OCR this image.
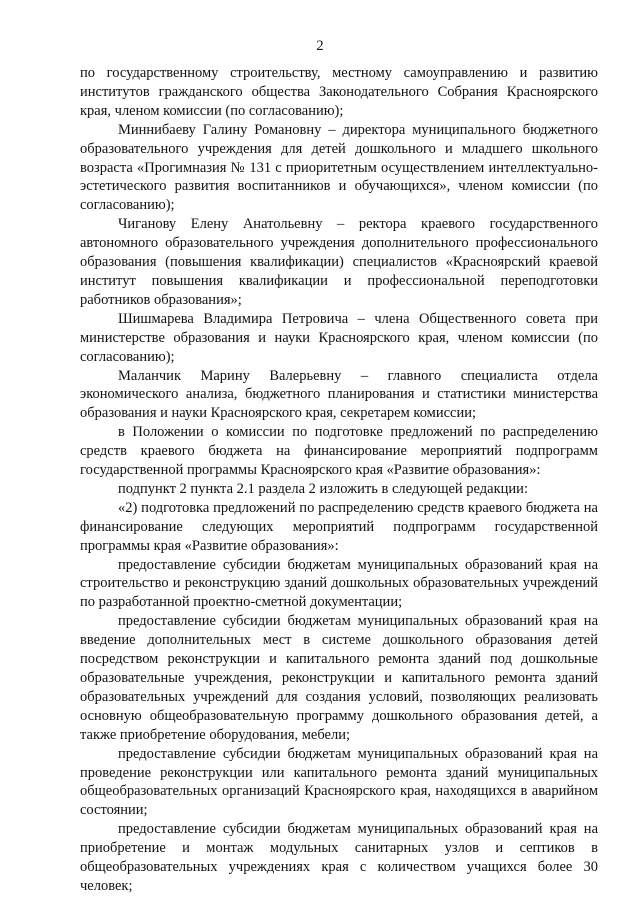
2

по государственному строительству, местному самоуправлению и развитию институтов гражданского общества Законодательного Собрания Красноярского края, членом комиссии (по согласованию);

Миннибаеву Галину Романовну – директора муниципального бюджетного образовательного учреждения для детей дошкольного и младшего школьного возраста «Прогимназия № 131 с приоритетным осуществлением интеллектуально-эстетического развития воспитанников и обучающихся», членом комиссии (по согласованию);

Чиганову Елену Анатольевну – ректора краевого государственного автономного образовательного учреждения дополнительного профессионального образования (повышения квалификации) специалистов «Красноярский краевой институт повышения квалификации и профессиональной переподготовки работников образования»;

Шишмарева Владимира Петровича – члена Общественного совета при министерстве образования и науки Красноярского края, членом комиссии (по согласованию);

Маланчик Марину Валерьевну – главного специалиста отдела экономического анализа, бюджетного планирования и статистики министерства образования и науки Красноярского края, секретарем комиссии;

в Положении о комиссии по подготовке предложений по распределению средств краевого бюджета на финансирование мероприятий подпрограмм государственной программы Красноярского края «Развитие образования»:

подпункт 2 пункта 2.1 раздела 2 изложить в следующей редакции:

«2) подготовка предложений по распределению средств краевого бюджета на финансирование следующих мероприятий подпрограмм государственной программы края «Развитие образования»:

предоставление субсидии бюджетам муниципальных образований края на строительство и реконструкцию зданий дошкольных образовательных учреждений по разработанной проектно-сметной документации;

предоставление субсидии бюджетам муниципальных образований края на введение дополнительных мест в системе дошкольного образования детей посредством реконструкции и капитального ремонта зданий под дошкольные образовательные учреждения, реконструкции и капитального ремонта зданий образовательных учреждений для создания условий, позволяющих реализовать основную общеобразовательную программу дошкольного образования детей, а также приобретение оборудования, мебели;

предоставление субсидии бюджетам муниципальных образований края на проведение реконструкции или капитального ремонта зданий муниципальных общеобразовательных организаций Красноярского края, находящихся в аварийном состоянии;

предоставление субсидии бюджетам муниципальных образований края на приобретение и монтаж модульных санитарных узлов и септиков в общеобразовательных учреждениях края с количеством учащихся более 30 человек;
